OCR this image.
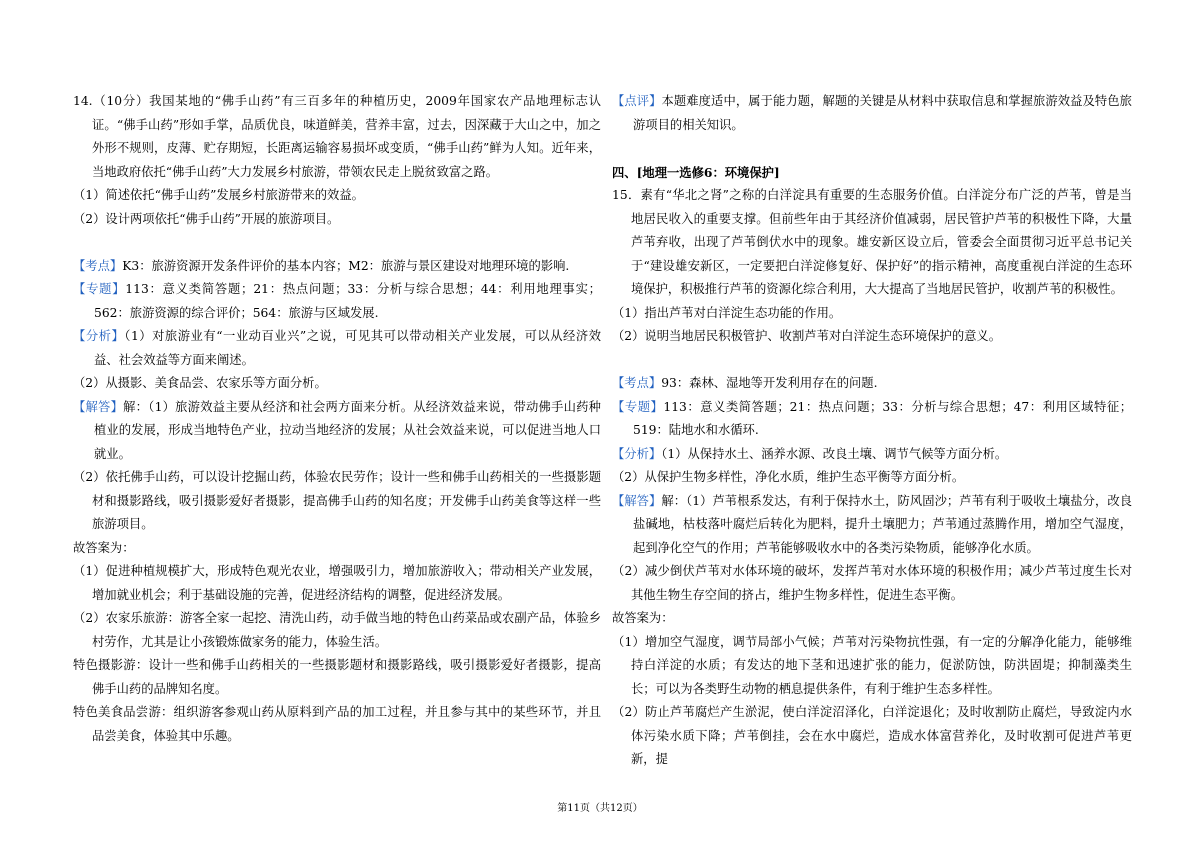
14.（10分）我国某地的“佛手山药”有三百多年的种植历史，2009年国家农产品地理标志认证。“佛手山药”形如手掌，品质优良，味道鲜美，营养丰富，过去，因深藏于大山之中，加之外形不规则，皮薄、贮存期短，长距离运输容易损坏或变质，“佛手山药”鲜为人知。近年来，当地政府依托“佛手山药”大力发展乡村旅游，带领农民走上脱贫致富之路。

（1）简述依托“佛手山药”发展乡村旅游带来的效益。

（2）设计两项依托“佛手山药”开展的旅游项目。

【考点】K3：旅游资源开发条件评价的基本内容；M2：旅游与景区建设对地理环境的影响.

【专题】113：意义类简答题；21：热点问题；33：分析与综合思想；44：利用地理事实；562：旅游资源的综合评价；564：旅游与区域发展.

【分析】（1）对旅游业有“一业动百业兴”之说，可见其可以带动相关产业发展，可以从经济效益、社会效益等方面来阐述。

（2）从摄影、美食品尝、农家乐等方面分析。

【解答】解：（1）旅游效益主要从经济和社会两方面来分析。从经济效益来说，带动佛手山药种植业的发展，形成当地特色产业，拉动当地经济的发展；从社会效益来说，可以促进当地人口就业。

（2）依托佛手山药，可以设计挖掘山药，体验农民劳作；设计一些和佛手山药相关的一些摄影题材和摄影路线，吸引摄影爱好者摄影，提高佛手山药的知名度；开发佛手山药美食等这样一些旅游项目。

故答案为：

（1）促进种植规模扩大，形成特色观光农业，增强吸引力，增加旅游收入；带动相关产业发展，增加就业机会；利于基础设施的完善，促进经济结构的调整，促进经济发展。

（2）农家乐旅游：游客全家一起挖、清洗山药，动手做当地的特色山药菜品或农副产品，体验乡村劳作，尤其是让小孩锻炼做家务的能力，体验生活。

特色摄影游：设计一些和佛手山药相关的一些摄影题材和摄影路线，吸引摄影爱好者摄影，提高佛手山药的品牌知名度。

特色美食品尝游：组织游客参观山药从原料到产品的加工过程，并且参与其中的某些环节，并且品尝美食，体验其中乐趣。

【点评】本题难度适中，属于能力题，解题的关键是从材料中获取信息和掌握旅游效益及特色旅游项目的相关知识。

四、[地理一选修6：环境保护]

15．素有“华北之肾”之称的白洋淀具有重要的生态服务价值。白洋淀分布广泛的芦苇，曾是当地居民收入的重要支撑。但前些年由于其经济价值减弱，居民管护芦苇的积极性下降，大量芦苇弃收，出现了芦苇倒伏水中的现象。雄安新区设立后，管委会全面贯彻习近平总书记关于“建设雄安新区，一定要把白洋淀修复好、保护好”的指示精神，高度重视白洋淀的生态环境保护，积极推行芦苇的资源化综合利用，大大提高了当地居民管护，收割芦苇的积极性。

（1）指出芦苇对白洋淀生态功能的作用。

（2）说明当地居民积极管护、收割芦苇对白洋淀生态环境保护的意义。

【考点】93：森林、湿地等开发利用存在的问题.

【专题】113：意义类简答题；21：热点问题；33：分析与综合思想；47：利用区域特征；519：陆地水和水循环.

【分析】（1）从保持水土、涵养水源、改良土壤、调节气候等方面分析。

（2）从保护生物多样性，净化水质，维护生态平衡等方面分析。

【解答】解：（1）芦苇根系发达，有利于保持水土，防风固沙；芦苇有利于吸收土壤盐分，改良盐碱地，枯枝落叶腐烂后转化为肥料，提升土壤肥力；芦苇通过蒸腾作用，增加空气湿度，起到净化空气的作用；芦苇能够吸收水中的各类污染物质，能够净化水质。

（2）减少倒伏芦苇对水体环境的破坏，发挥芦苇对水体环境的积极作用；减少芦苇过度生长对其他生物生存空间的挤占，维护生物多样性，促进生态平衡。

故答案为：

（1）增加空气湿度，调节局部小气候；芦苇对污染物抗性强，有一定的分解净化能力，能够维持白洋淀的水质；有发达的地下茎和迅速扩张的能力，促淤防蚀，防洪固堤；抑制藻类生长；可以为各类野生动物的栖息提供条件，有利于维护生态多样性。

（2）防止芦苇腐烂产生淤泥，使白洋淀沼泽化，白洋淀退化；及时收割防止腐烂，导致淀内水体污染水质下降；芦苇倒挂，会在水中腐烂，造成水体富营养化，及时收割可促进芦苇更新，提

第11页（共12页）
